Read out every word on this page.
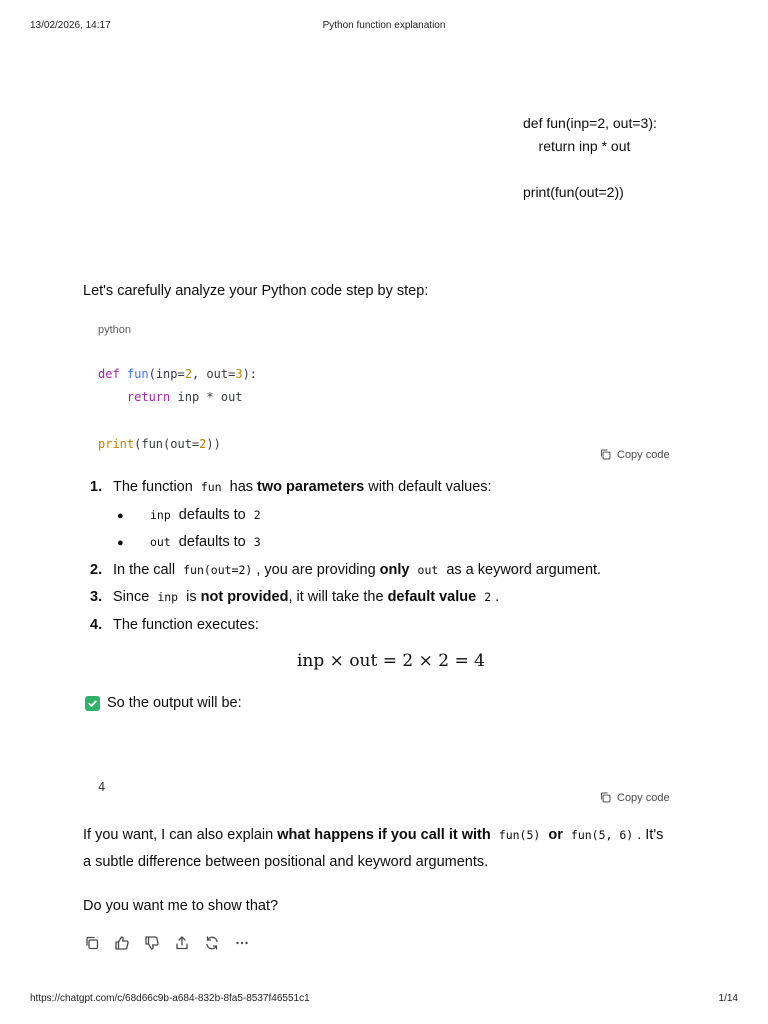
13/02/2026, 14:17	Python function explanation
def fun(inp=2, out=3):
return inp * out
print(fun(out=2))
Let's carefully analyze your Python code step by step:
python
def fun(inp=2, out=3):
return inp * out
print(fun(out=2))
Copy code
1. The function fun has two parameters with default values:
●	inp defaults to 2
●	out defaults to 3
2. In the call fun(out=2) , you are providing only out as a keyword argument.
3. Since inp is not provided, it will take the default value 2 .
4. The function executes:
inp × out = 2 × 2 = 4
So the output will be:
4
Copy code
If you want, I can also explain what happens if you call it with fun(5) or fun(5, 6) . It's
a subtle difference between positional and keyword arguments.
Do you want me to show that?
https://chatgpt.com/c/68d66c9b-a684-832b-8fa5-8537f46551c1	1/14
